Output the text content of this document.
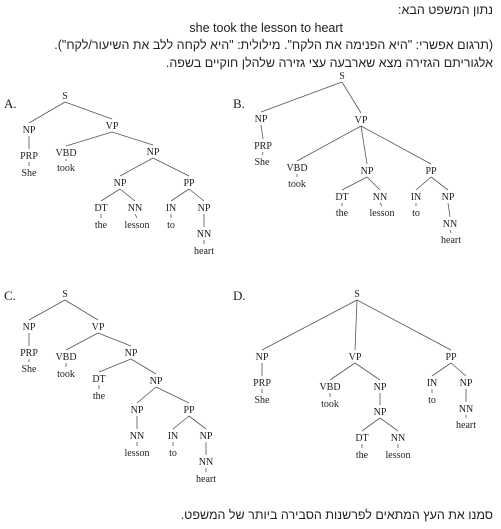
נתון המשפט הבא:
she took the lesson to heart
(תרגום אפשרי: "היא הפנימה את הלקח". מילולית: "היא לקחה ללב את השיעור/לקח").
אלגוריתם הגזירה מצא שארבעה עצי גזירה שלהלן חוקיים בשפה.
A.	S
NP
PRP
She
VP
VBD
took
NP
NP
DT
the
NN
lesson
PP
IN
to
NP
NN
heart
B.
S
NP
PRP
She
VP
VBD
took
NP
DT
the
NN
lesson
PP
IN
to
NP
NN
heart
C.	S
NP
PRP
She
VP
VBD
took
NP
DT
the
NP
NP
NN
lesson
PP
IN
to
NP
NN
heart
D.	S
NP
PRP
She
VP
VBD
took
NP
NP
DT
the
NN
lesson
PP
IN
to
NP
NN
heart
סמנו את העץ המתאים לפרשנות הסבירה ביותר של המשפט.
